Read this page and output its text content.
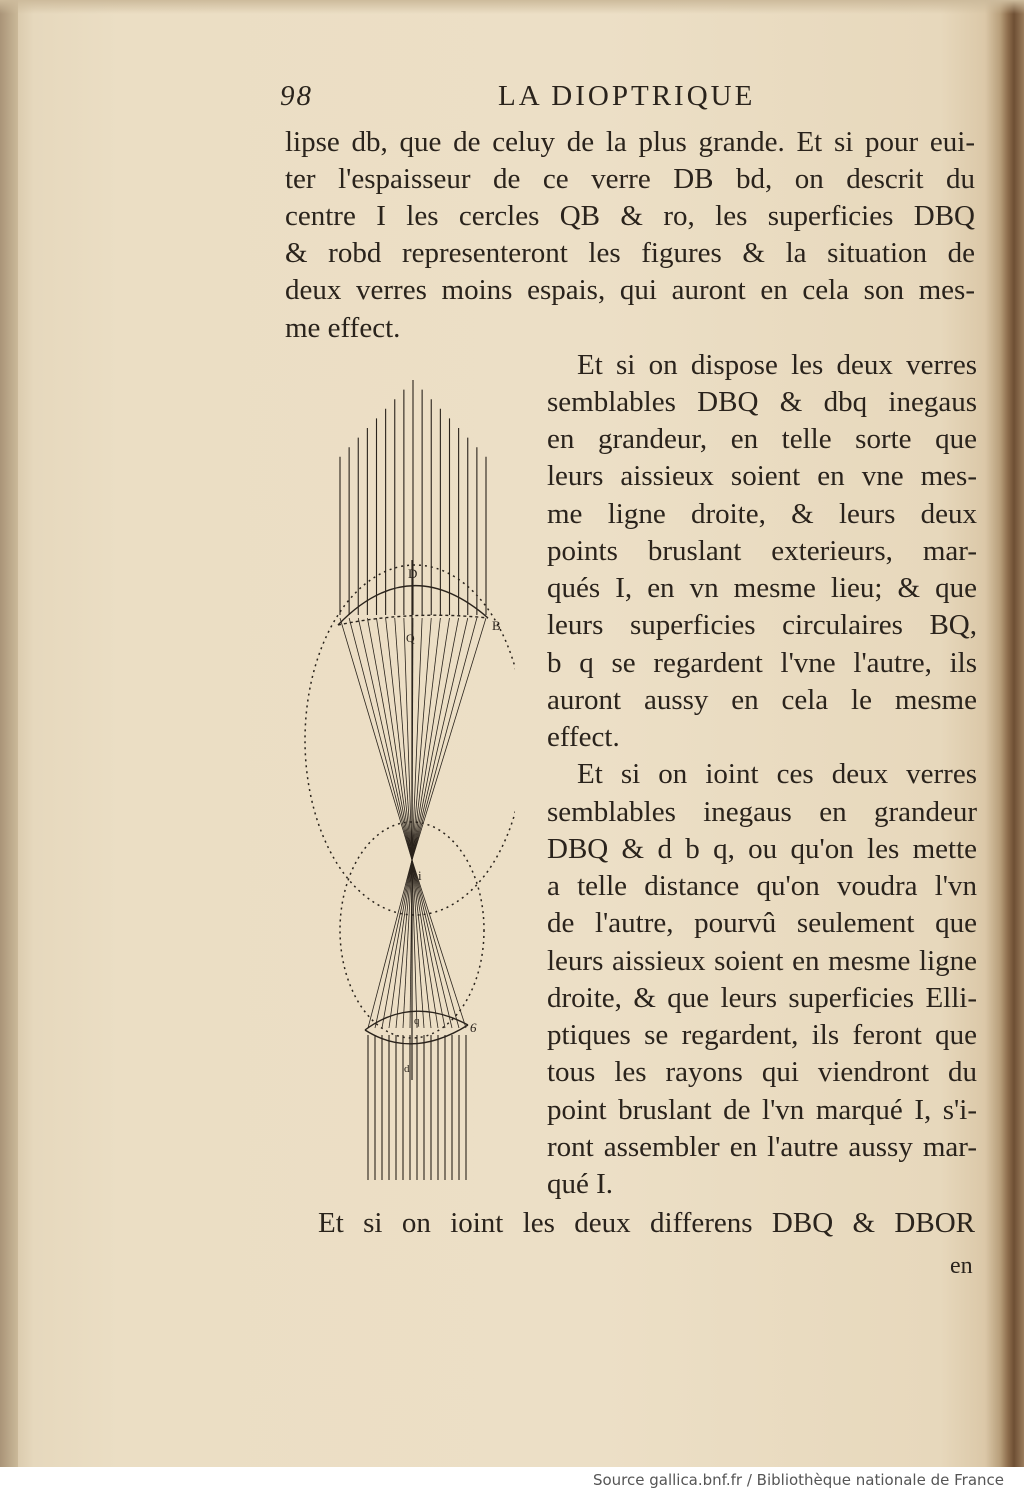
98	LA DIOPTRIQUE
lipse db, que de celuy de la plus grande. Et si pour eui-
ter l'espaisseur de ce verre DB bd, on descrit du
centre I les cercles QB & ro, les superficies DBQ
& robd representeront les figures & la situation de
deux verres moins espais, qui auront en cela son mes-
me effect.
Et si on dispose les deux verres
semblables DBQ & dbq inegaus
en grandeur, en telle sorte que
leurs aissieux soient en vne mes-
me ligne droite, & leurs deux
points bruslant exterieurs, mar-
qués I, en vn mesme lieu; & que
leurs superficies circulaires BQ,
b q se regardent l'vne l'autre, ils
auront aussy en cela le mesme
effect.
Et si on ioint ces deux verres
semblables inegaus en grandeur
DBQ & d b q, ou qu'on les mette
a telle distance qu'on voudra l'vn
de l'autre, pourvû seulement que
leurs aissieux soient en mesme ligne
droite, & que leurs superficies Elli-
ptiques se regardent, ils feront que
tous les rayons qui viendront du
point bruslant de l'vn marqué I, s'i-
ront assembler en l'autre aussy mar-
qué I.
Et si on ioint les deux differens DBQ & DBOR
en
D
Q
B
i
6
q
d
Source gallica.bnf.fr / Bibliothèque nationale de France
